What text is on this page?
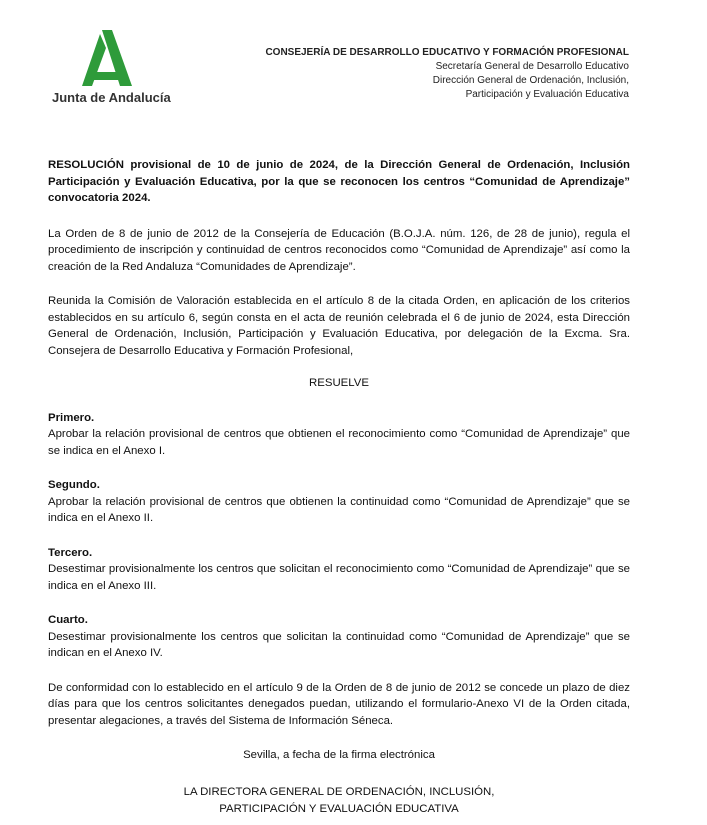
Junta de Andalucía
CONSEJERÍA DE DESARROLLO EDUCATIVO Y FORMACIÓN PROFESIONAL
Secretaría General de Desarrollo Educativo
Dirección General de Ordenación, Inclusión,
Participación y Evaluación Educativa

RESOLUCIÓN provisional de 10 de junio de 2024, de la Dirección General de Ordenación, Inclusión Participación y Evaluación Educativa, por la que se reconocen los centros “Comunidad de Aprendizaje” convocatoria 2024.

La Orden de 8 de junio de 2012 de la Consejería de Educación (B.O.J.A. núm. 126, de 28 de junio), regula el procedimiento de inscripción y continuidad de centros reconocidos como “Comunidad de Aprendizaje” así como la creación de la Red Andaluza “Comunidades de Aprendizaje”.

Reunida la Comisión de Valoración establecida en el artículo 8 de la citada Orden, en aplicación de los criterios establecidos en su artículo 6, según consta en el acta de reunión celebrada el 6 de junio de 2024, esta Dirección General de Ordenación, Inclusión, Participación y Evaluación Educativa, por delegación de la Excma. Sra. Consejera de Desarrollo Educativa y Formación Profesional,

RESUELVE

Primero.

Aprobar la relación provisional de centros que obtienen el reconocimiento como “Comunidad de Aprendizaje” que se indica en el Anexo I.

Segundo.

Aprobar la relación provisional de centros que obtienen la continuidad como “Comunidad de Aprendizaje” que se indica en el Anexo II.

Tercero.

Desestimar provisionalmente los centros que solicitan el reconocimiento como “Comunidad de Aprendizaje” que se indica en el Anexo III.

Cuarto.

Desestimar provisionalmente los centros que solicitan la continuidad como “Comunidad de Aprendizaje” que se indican en el Anexo IV.

De conformidad con lo establecido en el artículo 9 de la Orden de 8 de junio de 2012 se concede un plazo de diez días para que los centros solicitantes denegados puedan, utilizando el formulario-Anexo VI de la Orden citada, presentar alegaciones, a través del Sistema de Información Séneca.

Sevilla, a fecha de la firma electrónica

LA DIRECTORA GENERAL DE ORDENACIÓN, INCLUSIÓN,
PARTICIPACIÓN Y EVALUACIÓN EDUCATIVA
